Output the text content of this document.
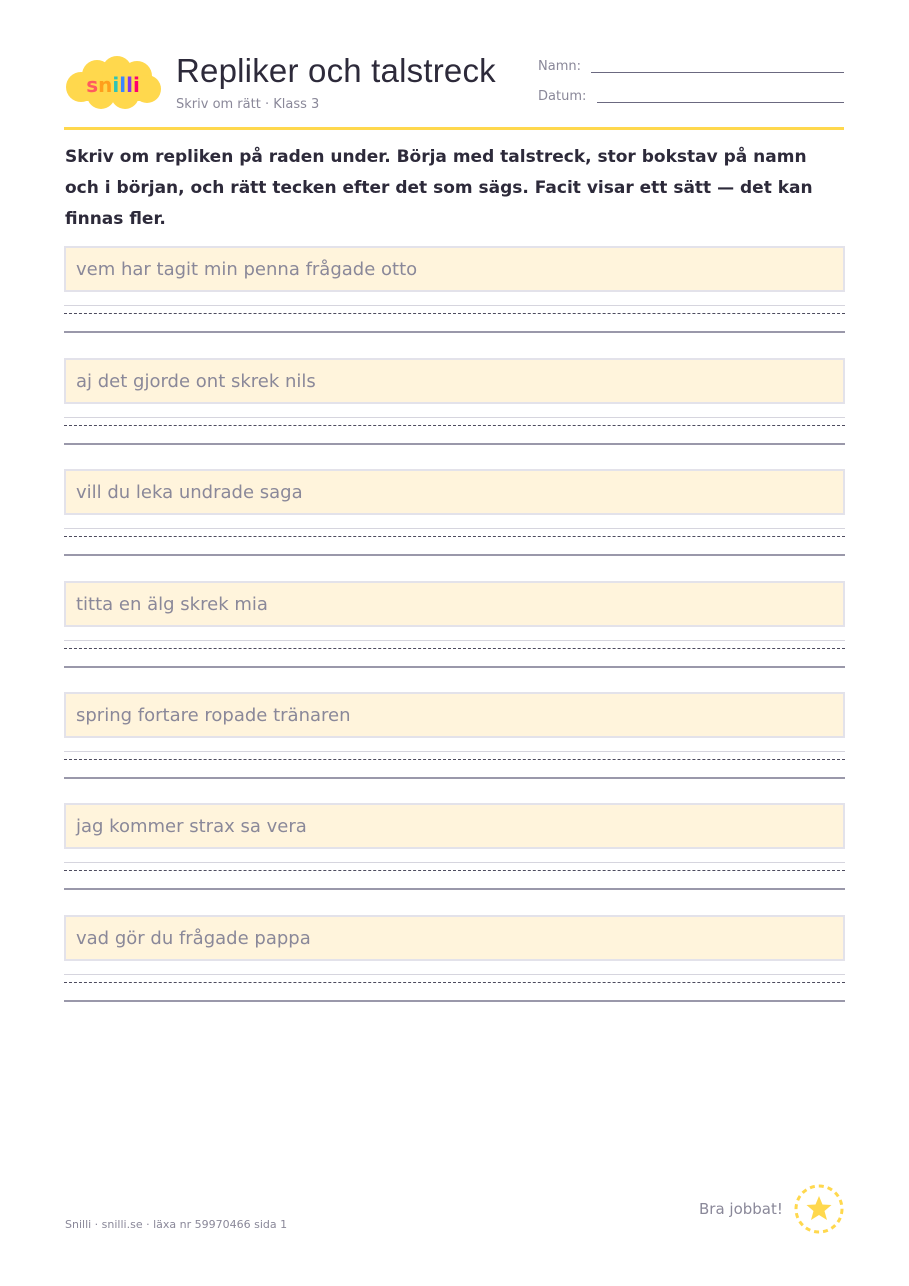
snilli Repliker och talstreck
Skriv om rätt · Klass 3
Namn:
Datum:

Skriv om repliken på raden under. Börja med talstreck, stor bokstav på namn och i början, och rätt tecken efter det som sägs. Facit visar ett sätt — det kan finnas fler.

vem har tagit min penna frågade otto
aj det gjorde ont skrek nils
vill du leka undrade saga
titta en älg skrek mia
spring fortare ropade tränaren
jag kommer strax sa vera
vad gör du frågade pappa
Snilli · snilli.se · läxa nr 59970466 sida 1
Bra jobbat!
